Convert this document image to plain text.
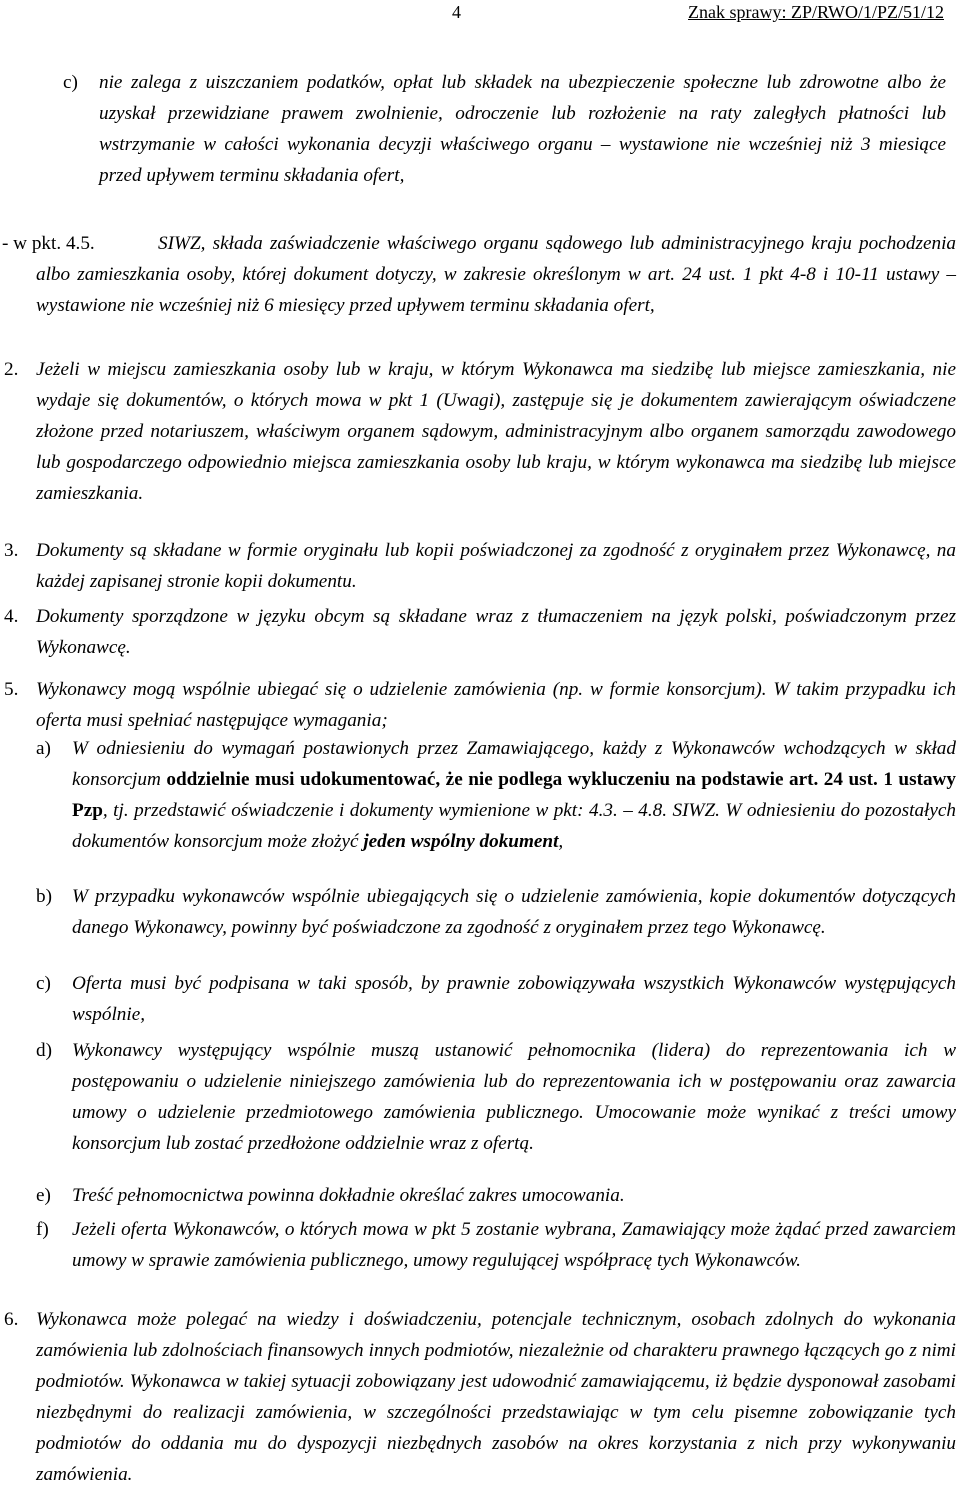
4	Znak sprawy: ZP/RWO/1/PZ/51/12
c)	nie zalega z uiszczaniem podatków, opłat lub składek na ubezpieczenie społeczne lub zdrowotne albo że uzyskał przewidziane prawem zwolnienie, odroczenie lub rozłożenie na raty zaległych płatności lub wstrzymanie w całości wykonania decyzji właściwego organu – wystawione nie wcześniej niż 3 miesiące przed upływem terminu składania ofert,
- w pkt. 4.5.	SIWZ, składa zaświadczenie właściwego organu sądowego lub administracyjnego kraju pochodzenia albo zamieszkania osoby, której dokument dotyczy, w zakresie określonym w art. 24 ust. 1 pkt 4-8 i 10-11 ustawy – wystawione nie wcześniej niż 6 miesięcy przed upływem terminu składania ofert,
2. Jeżeli w miejscu zamieszkania osoby lub w kraju, w którym Wykonawca ma siedzibę lub miejsce zamieszkania, nie wydaje się dokumentów, o których mowa w pkt 1 (Uwagi), zastępuje się je dokumentem zawierającym oświadczene złożone przed notariuszem, właściwym organem sądowym, administracyjnym albo organem samorządu zawodowego lub gospodarczego odpowiednio miejsca zamieszkania osoby lub kraju, w którym wykonawca ma siedzibę lub miejsce zamieszkania.
3. Dokumenty są składane w formie oryginału lub kopii poświadczonej za zgodność z oryginałem przez Wykonawcę, na każdej zapisanej stronie kopii dokumentu.
4. Dokumenty sporządzone w języku obcym są składane wraz z tłumaczeniem na język polski, poświadczonym przez Wykonawcę.
5. Wykonawcy mogą wspólnie ubiegać się o udzielenie zamówienia (np. w formie konsorcjum). W takim przypadku ich oferta musi spełniać następujące wymagania;
a)	W odniesieniu do wymagań postawionych przez Zamawiającego, każdy z Wykonawców wchodzących w skład konsorcjum oddzielnie musi udokumentować, że nie podlega wykluczeniu na podstawie art. 24 ust. 1 ustawy Pzp, tj. przedstawić oświadczenie i dokumenty wymienione w pkt: 4.3. – 4.8. SIWZ. W odniesieniu do pozostałych dokumentów konsorcjum może złożyć jeden wspólny dokument,
b)	W przypadku wykonawców wspólnie ubiegających się o udzielenie zamówienia, kopie dokumentów dotyczących danego Wykonawcy, powinny być poświadczone za zgodność z oryginałem przez tego Wykonawcę.
c)	Oferta musi być podpisana w taki sposób, by prawnie zobowiązywała wszystkich Wykonawców występujących wspólnie,
d)	Wykonawcy występujący wspólnie muszą ustanowić pełnomocnika (lidera) do reprezentowania ich w postępowaniu o udzielenie niniejszego zamówienia lub do reprezentowania ich w postępowaniu oraz zawarcia umowy o udzielenie przedmiotowego zamówienia publicznego. Umocowanie może wynikać z treści umowy konsorcjum lub zostać przedłożone oddzielnie wraz z ofertą.
e)	Treść pełnomocnictwa powinna dokładnie określać zakres umocowania.
f)	Jeżeli oferta Wykonawców, o których mowa w pkt 5 zostanie wybrana, Zamawiający może żądać przed zawarciem umowy w sprawie zamówienia publicznego, umowy regulującej współpracę tych Wykonawców.
6. Wykonawca może polegać na wiedzy i doświadczeniu, potencjale technicznym, osobach zdolnych do wykonania zamówienia lub zdolnościach finansowych innych podmiotów, niezależnie od charakteru prawnego łączących go z nimi podmiotów. Wykonawca w takiej sytuacji zobowiązany jest udowodnić zamawiającemu, iż będzie dysponował zasobami niezbędnymi do realizacji zamówienia, w szczególności przedstawiając w tym celu pisemne zobowiązanie tych podmiotów do oddania mu do dyspozycji niezbędnych zasobów na okres korzystania z nich przy wykonywaniu zamówienia.
